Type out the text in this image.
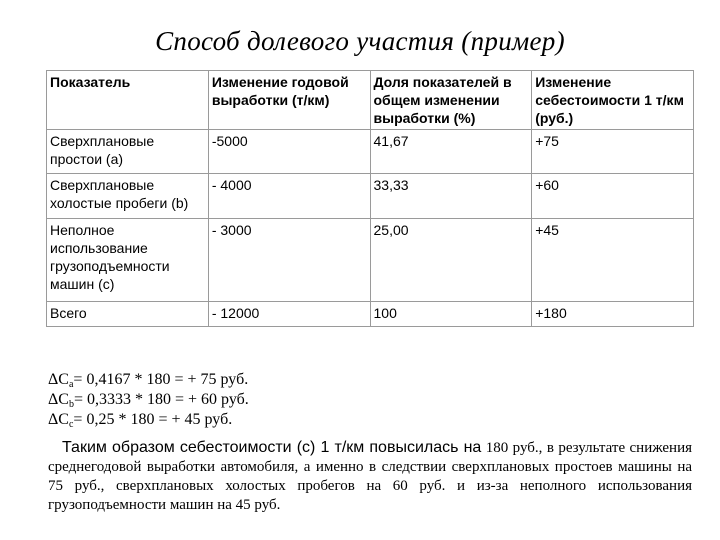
Способ долевого участия (пример)
Показатель	Изменение годовой выработки (т/км)	Доля показателей в общем изменении выработки (%)	Изменение себестоимости 1 т/км (руб.)
Сверхплановые простои (а)	-5000	41,67	+75
Сверхплановые холостые пробеги (b)	- 4000	33,33	+60
Неполное использование грузоподъемности машин (c)	- 3000	25,00	+45
Всего	- 12000	100	+180
$\Delta C_a= 0,4167 * 180$ = + 75 руб.
$\Delta C_b= 0,3333 * 180$ = + 60 руб.
$\Delta C_c= 0,25 * 180$ = + 45 руб.
Таким образом себестоимости (с) 1 т/км повысилась на 180 руб., в результате снижения среднегодовой выработки автомобиля, а именно в следствии сверхплановых простоев машины на 75 руб., сверхплановых холостых пробегов на 60 руб. и из-за неполного использования грузоподъемности машин на 45 руб.
